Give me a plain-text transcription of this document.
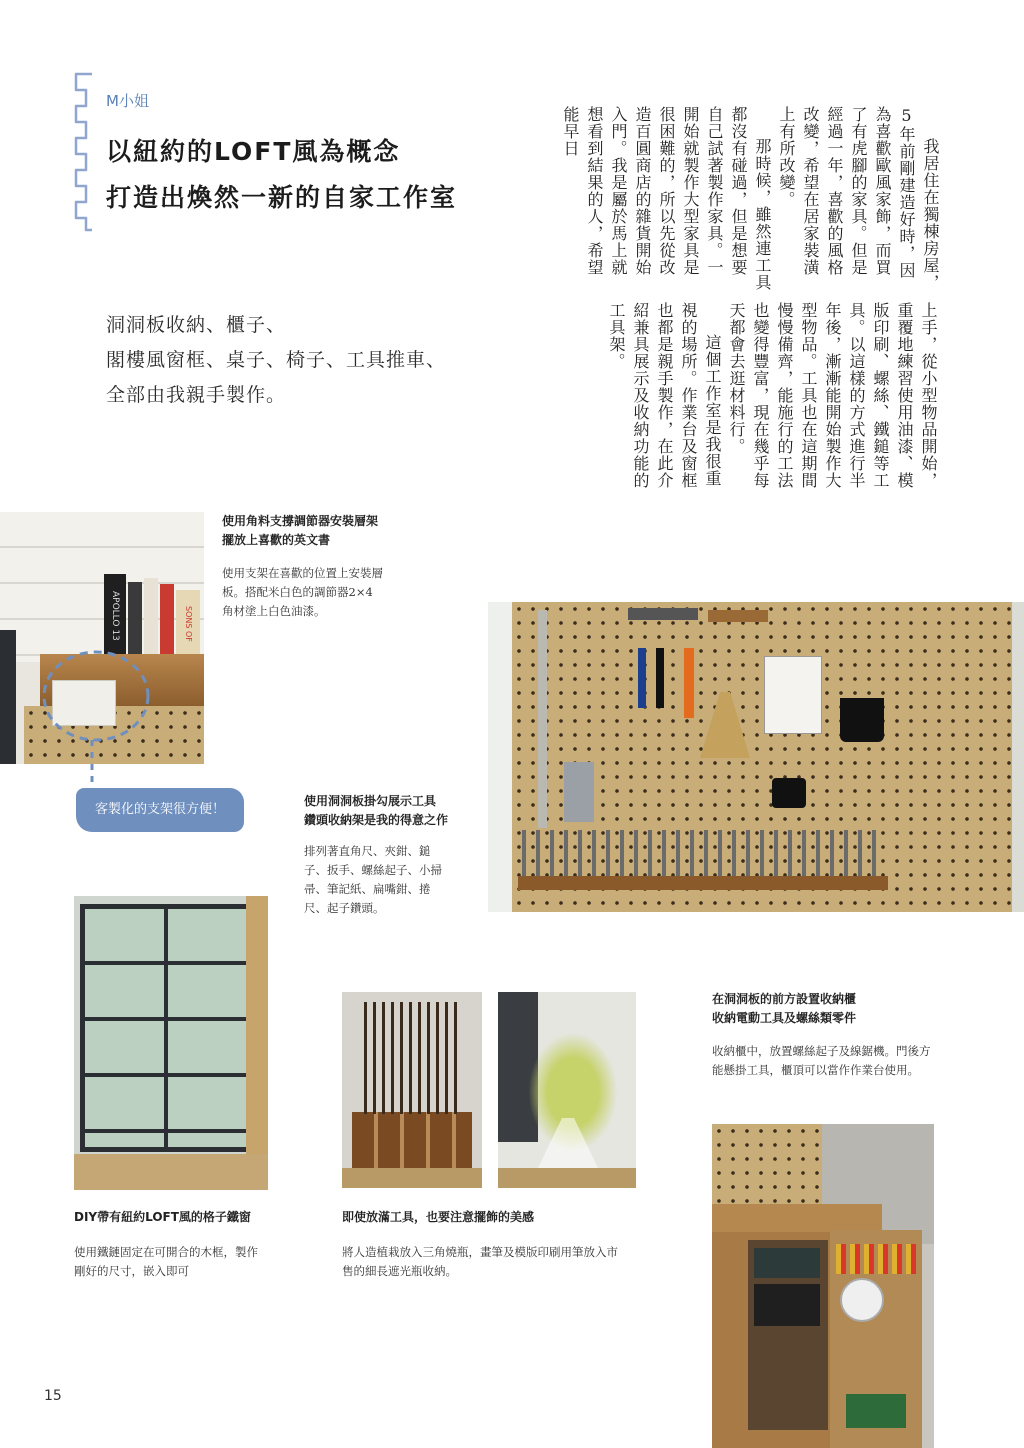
M小姐
以紐約的LOFT風為概念
打造出煥然一新的自家工作室
洞洞板收納、櫃子、
閣樓風窗框、桌子、椅子、工具推車、
全部由我親手製作。

我居住在獨棟房屋，5年前剛建造好時，因為喜歡歐風家飾，而買了有虎腳的家具。但是經過一年，喜歡的風格改變，希望在居家裝潢上有所改變。

那時候，雖然連工具都沒有碰過，但是想要自己試著製作家具。一開始就製作大型家具是很困難的，所以先從改造百圓商店的雜貨開始入門。我是屬於馬上就想看到結果的人，希望能早日

上手，從小型物品開始，重覆地練習使用油漆、模版印刷、螺絲、鐵鎚等工具。以這樣的方式進行半年後，漸漸能開始製作大型物品。工具也在這期間慢慢備齊，能施行的工法也變得豐富，現在幾乎每天都會去逛材料行。

這個工作室是我很重視的場所。作業台及窗框也都是親手製作，在此介紹兼具展示及收納功能的工具架。

APOLLO 13	SONS OF LIBERTY
客製化的支架很方便！
使用角料支撐調節器安裝層架
擺放上喜歡的英文書
使用支架在喜歡的位置上安裝層
板。搭配米白色的調節器2×4
角材塗上白色油漆。
使用洞洞板掛勾展示工具
鑽頭收納架是我的得意之作
排列著直角尺、夾鉗、鎚
子、扳手、螺絲起子、小掃
帚、筆記紙、扁嘴鉗、捲
尺、起子鑽頭。
DIY帶有紐約LOFT風的格子鐵窗
使用鐵鏈固定在可開合的木框，製作
剛好的尺寸，嵌入即可
即使放滿工具，也要注意擺飾的美感
將人造植栽放入三角燒瓶，畫筆及模版印刷用筆放入市
售的細長遮光瓶收納。
在洞洞板的前方設置收納櫃
收納電動工具及螺絲類零件
收納櫃中，放置螺絲起子及線鋸機。門後方
能懸掛工具，櫃頂可以當作作業台使用。
15
